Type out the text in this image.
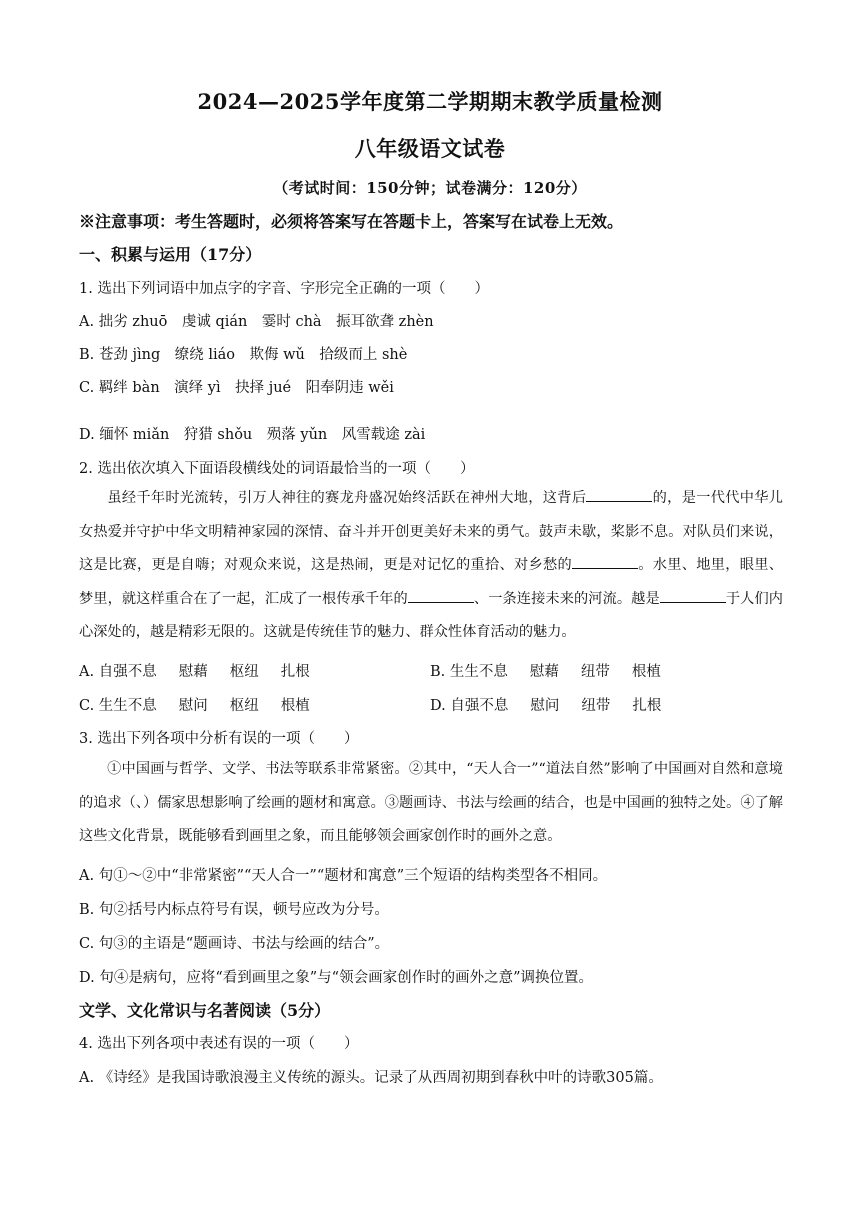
2024—2025学年度第二学期期末教学质量检测
八年级语文试卷
（考试时间：150分钟；试卷满分：120分）
※注意事项：考生答题时，必须将答案写在答题卡上，答案写在试卷上无效。
一、积累与运用（17分）
1. 选出下列词语中加点字的字音、字形完全正确的一项（　　）
A. 拙劣 zhuō　虔诚 qián　霎时 chà　振耳欲聋 zhèn
B. 苍劲 jìng　缭绕 liáo　欺侮 wǔ　拾级而上 shè
C. 羁绊 bàn　演绎 yì　抉择 jué　阳奉阴违 wěi
D. 缅怀 miǎn　狩猎 shǒu　殒落 yǔn　风雪载途 zài
2. 选出依次填入下面语段横线处的词语最恰当的一项（　　）
虽经千年时光流转，引万人神往的赛龙舟盛况始终活跃在神州大地，这背后	的，是一代代中华儿女热爱并守护中华文明精神家园的深情、奋斗并开创更美好未来的勇气。鼓声未歇，桨影不息。对队员们来说，这是比赛，更是自嗨；对观众来说，这是热闹，更是对记忆的重拾、对乡愁的	。水里、地里，眼里、梦里，就这样重合在了一起，汇成了一根传承千年的	、一条连接未来的河流。越是	于人们内心深处的，越是精彩无限的。这就是传统佳节的魅力、群众性体育活动的魅力。
A. 自强不息 慰藉 枢纽 扎根	B. 生生不息 慰藉 纽带 根植
C. 生生不息 慰问 枢纽 根植	D. 自强不息 慰问 纽带 扎根
3. 选出下列各项中分析有误的一项（　　）
①中国画与哲学、文学、书法等联系非常紧密。②其中，“天人合一”“道法自然”影响了中国画对自然和意境的追求（、）儒家思想影响了绘画的题材和寓意。③题画诗、书法与绘画的结合，也是中国画的独特之处。④了解这些文化背景，既能够看到画里之象，而且能够领会画家创作时的画外之意。
A. 句①～②中“非常紧密”“天人合一”“题材和寓意”三个短语的结构类型各不相同。
B. 句②括号内标点符号有误，顿号应改为分号。
C. 句③的主语是“题画诗、书法与绘画的结合”。
D. 句④是病句，应将“看到画里之象”与“领会画家创作时的画外之意”调换位置。
文学、文化常识与名著阅读（5分）
4. 选出下列各项中表述有误的一项（　　）
A. 《诗经》是我国诗歌浪漫主义传统的源头。记录了从西周初期到春秋中叶的诗歌305篇。
